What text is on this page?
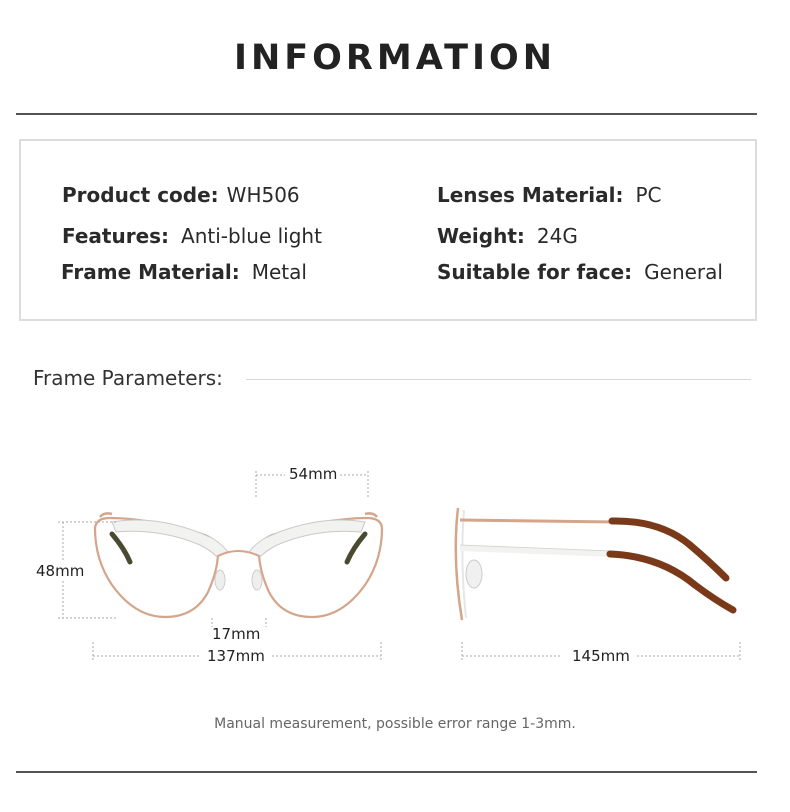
INFORMATION
Product code: WH506
Features: Anti-blue light
Frame Material: Metal
Lenses Material: PC
Weight: 24G
Suitable for face: General
Frame Parameters:
54mm
48mm
17mm
137mm	145mm
Manual measurement, possible error range 1-3mm.
